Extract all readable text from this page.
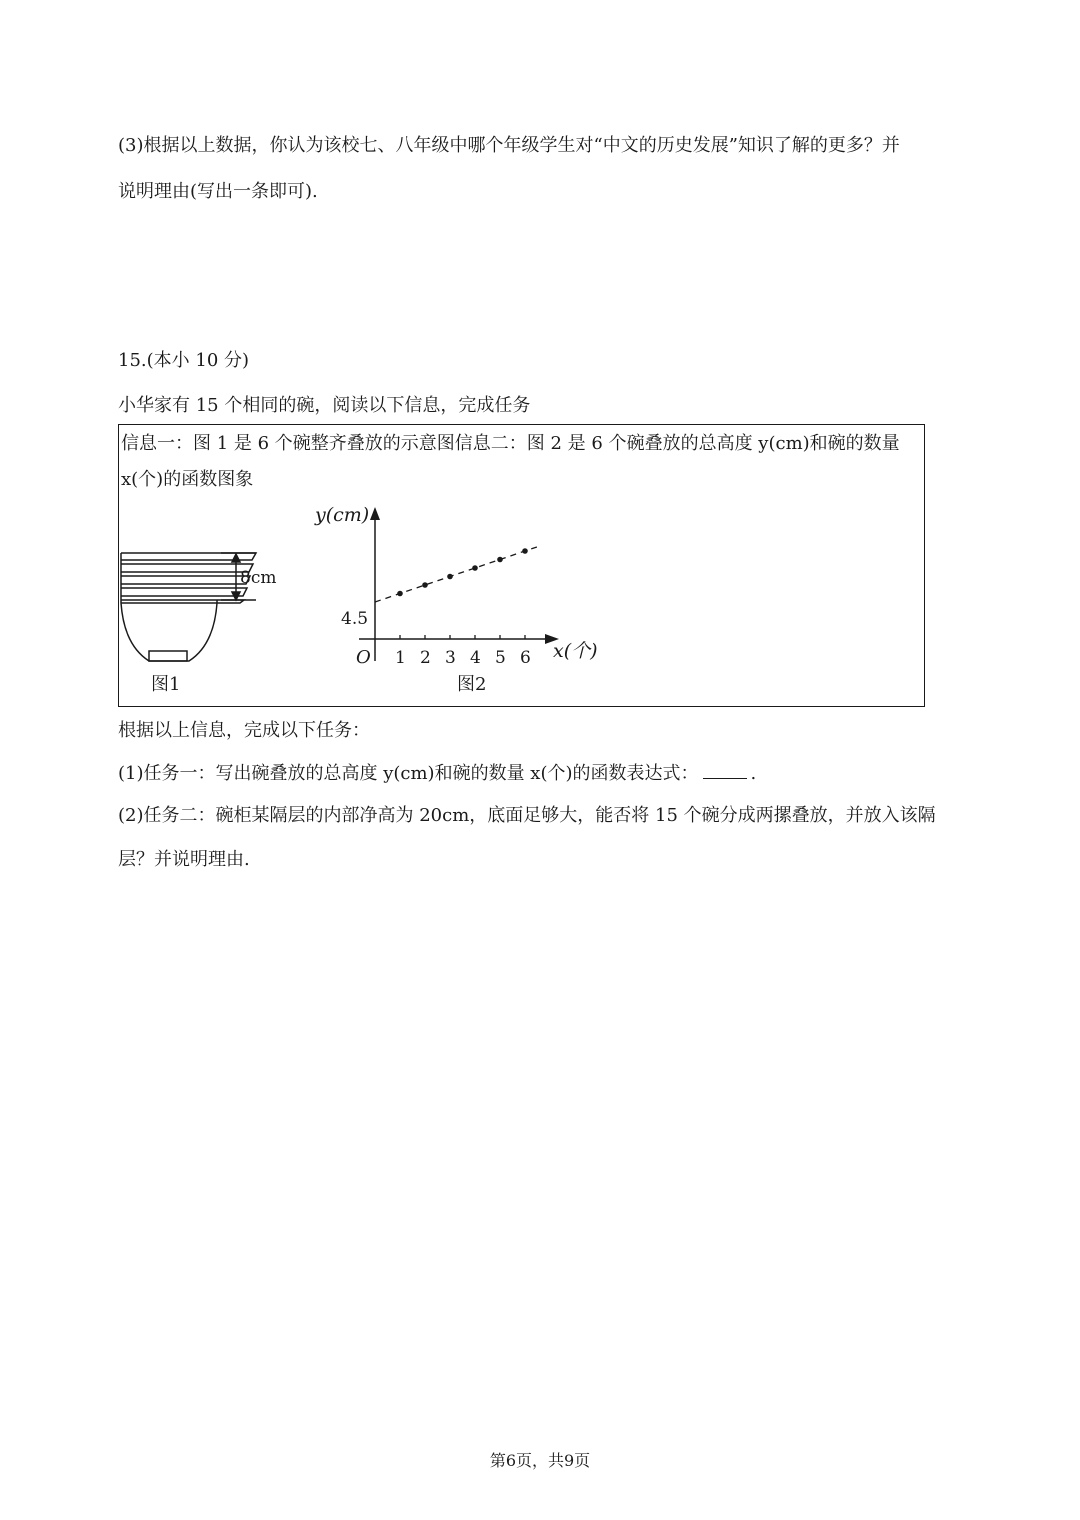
(3)根据以上数据，你认为该校七、八年级中哪个年级学生对“中文的历史发展”知识了解的更多？并
说明理由(写出一条即可).
15.(本小 10 分)
小华家有 15 个相同的碗，阅读以下信息，完成任务
信息一：图 1 是 6 个碗整齐叠放的示意图信息二：图 2 是 6 个碗叠放的总高度 y(cm)和碗的数量
x(个)的函数图象
8cm
图1
1 2 3 4 5 6
y(cm)
x(个)
O
4.5
图2
根据以上信息，完成以下任务：
(1)任务一：写出碗叠放的总高度 y(cm)和碗的数量 x(个)的函数表达式：	.
(2)任务二：碗柜某隔层的内部净高为 20cm，底面足够大，能否将 15 个碗分成两摞叠放，并放入该隔
层？并说明理由.
第6页，共9页
